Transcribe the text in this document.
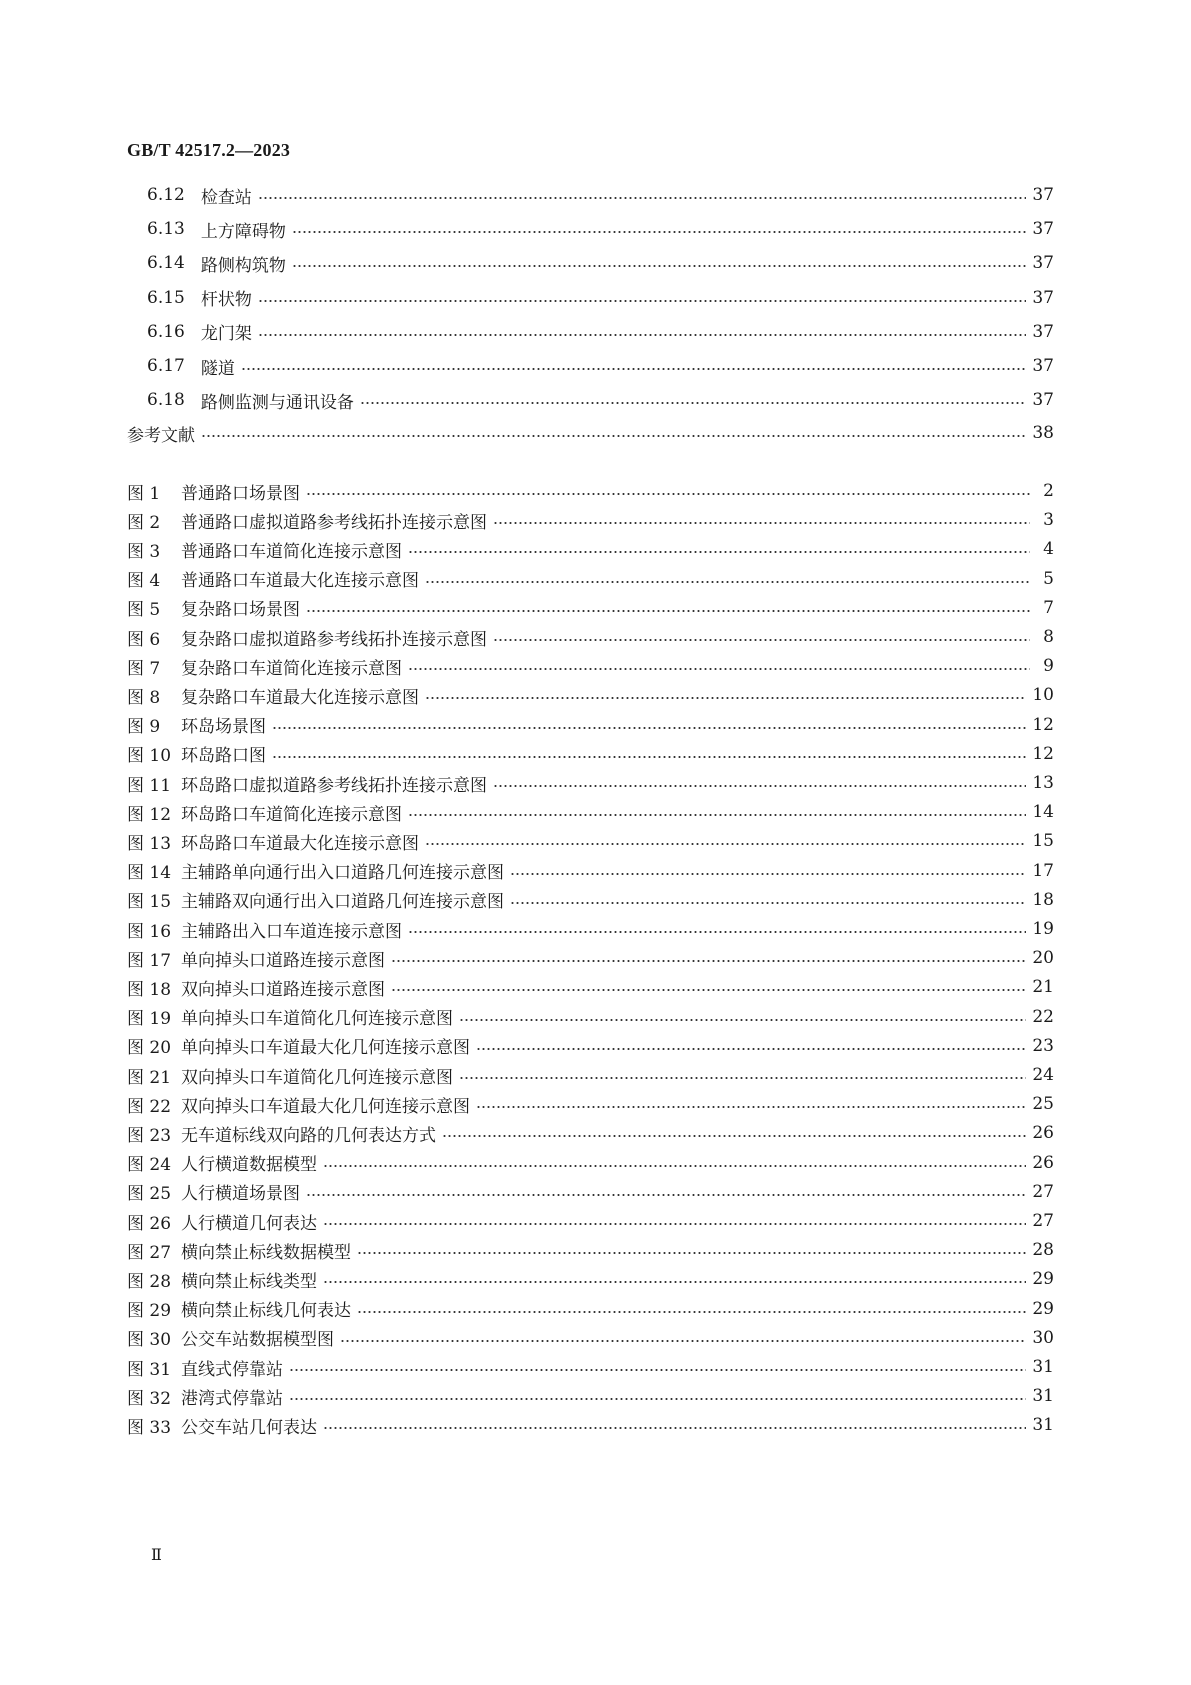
GB/T 42517.2—2023
6.12 检查站	37
6.13 上方障碍物	37
6.14 路侧构筑物	37
6.15 杆状物	37
6.16 龙门架	37
6.17 隧道	37
6.18 路侧监测与通讯设备	37
参考文献	38
图 1	普通路口场景图	2
图 2	普通路口虚拟道路参考线拓扑连接示意图	3
图 3	普通路口车道简化连接示意图	4
图 4	普通路口车道最大化连接示意图	5
图 5	复杂路口场景图	7
图 6	复杂路口虚拟道路参考线拓扑连接示意图	8
图 7	复杂路口车道简化连接示意图	9
图 8	复杂路口车道最大化连接示意图	10
图 9	环岛场景图	12
图 10 环岛路口图	12
图 11 环岛路口虚拟道路参考线拓扑连接示意图	13
图 12 环岛路口车道简化连接示意图	14
图 13 环岛路口车道最大化连接示意图	15
图 14 主辅路单向通行出入口道路几何连接示意图	17
图 15 主辅路双向通行出入口道路几何连接示意图	18
图 16 主辅路出入口车道连接示意图	19
图 17 单向掉头口道路连接示意图	20
图 18 双向掉头口道路连接示意图	21
图 19 单向掉头口车道简化几何连接示意图	22
图 20 单向掉头口车道最大化几何连接示意图	23
图 21 双向掉头口车道简化几何连接示意图	24
图 22 双向掉头口车道最大化几何连接示意图	25
图 23 无车道标线双向路的几何表达方式	26
图 24 人行横道数据模型	26
图 25 人行横道场景图	27
图 26 人行横道几何表达	27
图 27 横向禁止标线数据模型	28
图 28 横向禁止标线类型	29
图 29 横向禁止标线几何表达	29
图 30 公交车站数据模型图	30
图 31 直线式停靠站	31
图 32 港湾式停靠站	31
图 33 公交车站几何表达	31
Ⅱ
